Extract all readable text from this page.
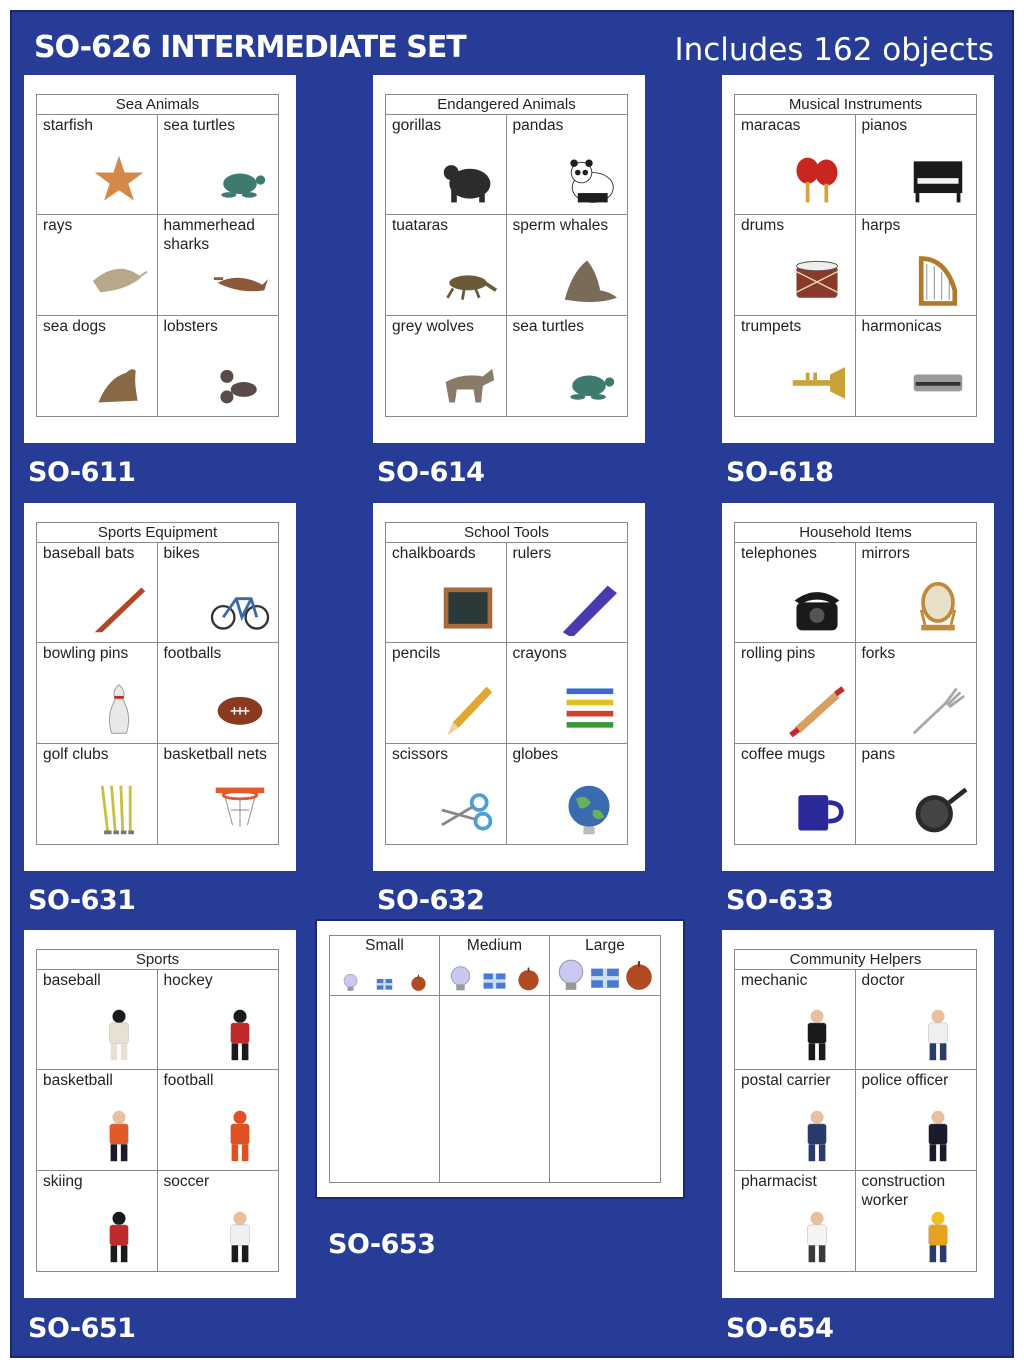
SO-626 INTERMEDIATE SET	Includes 162 objects
Sea Animals
starfish	sea turtles
rays	hammerhead sharks
sea dogs	lobsters
SO-611
Endangered Animals
gorillas	pandas
tuataras	sperm whales
grey wolves	sea turtles
SO-614
Musical Instruments
maracas	pianos
drums	harps
trumpets	harmonicas
SO-618
Sports Equipment
baseball bats	bikes
bowling pins	footballs
golf clubs	basketball nets
SO-631
School Tools
chalkboards	rulers
pencils	crayons
scissors	globes
SO-632
Household Items
telephones	mirrors
rolling pins	forks
coffee mugs	pans
SO-633
Sports
baseball	hockey
basketball	football
skiing	soccer
SO-651
Community Helpers
mechanic	doctor
postal carrier	police officer
pharmacist	construction worker
SO-654
Small	Medium	Large
SO-653
